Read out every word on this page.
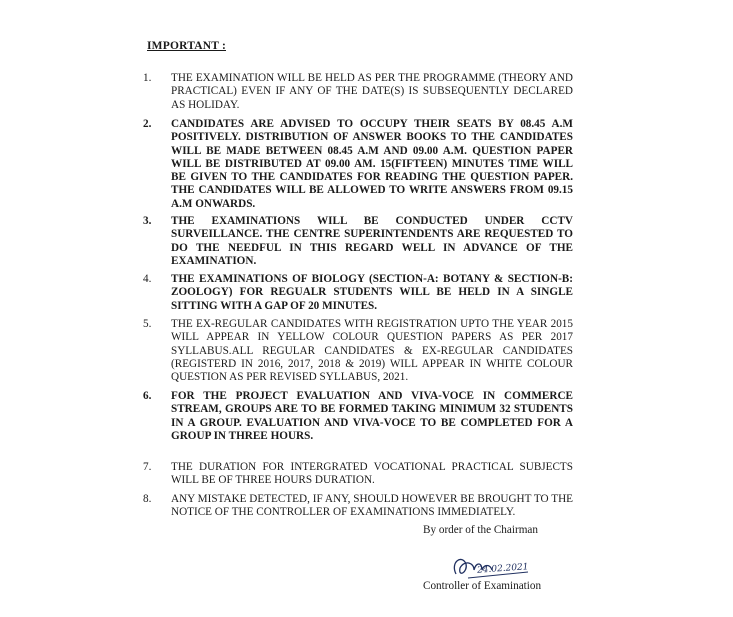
IMPORTANT :
1.	THE EXAMINATION WILL BE HELD AS PER THE PROGRAMME (THEORY AND PRACTICAL) EVEN IF ANY OF THE DATE(S) IS SUBSEQUENTLY DECLARED AS HOLIDAY.
2.	CANDIDATES ARE ADVISED TO OCCUPY THEIR SEATS BY 08.45 A.M POSITIVELY. DISTRIBUTION OF ANSWER BOOKS TO THE CANDIDATES WILL BE MADE BETWEEN 08.45 A.M AND 09.00 A.M. QUESTION PAPER WILL BE DISTRIBUTED AT 09.00 AM. 15(FIFTEEN) MINUTES TIME WILL BE GIVEN TO THE CANDIDATES FOR READING THE QUESTION PAPER. THE CANDIDATES WILL BE ALLOWED TO WRITE ANSWERS FROM 09.15 A.M ONWARDS.
3.	THE EXAMINATIONS WILL BE CONDUCTED UNDER CCTV SURVEILLANCE. THE CENTRE SUPERINTENDENTS ARE REQUESTED TO DO THE NEEDFUL IN THIS REGARD WELL IN ADVANCE OF THE EXAMINATION.
4.	THE EXAMINATIONS OF BIOLOGY (SECTION-A: BOTANY & SECTION-B: ZOOLOGY) FOR REGUALR STUDENTS WILL BE HELD IN A SINGLE SITTING WITH A GAP OF 20 MINUTES.
5.	THE EX-REGULAR CANDIDATES WITH REGISTRATION UPTO THE YEAR 2015 WILL APPEAR IN YELLOW COLOUR QUESTION PAPERS AS PER 2017 SYLLABUS.ALL REGULAR CANDIDATES & EX-REGULAR CANDIDATES (REGISTERD IN 2016, 2017, 2018 & 2019) WILL APPEAR IN WHITE COLOUR QUESTION AS PER REVISED SYLLABUS, 2021.
6.	FOR THE PROJECT EVALUATION AND VIVA-VOCE IN COMMERCE STREAM, GROUPS ARE TO BE FORMED TAKING MINIMUM 32 STUDENTS IN A GROUP. EVALUATION AND VIVA-VOCE TO BE COMPLETED FOR A GROUP IN THREE HOURS.
7.	THE DURATION FOR INTERGRATED VOCATIONAL PRACTICAL SUBJECTS WILL BE OF THREE HOURS DURATION.
8.	ANY MISTAKE DETECTED, IF ANY, SHOULD HOWEVER BE BROUGHT TO THE NOTICE OF THE CONTROLLER OF EXAMINATIONS IMMEDIATELY.
By order of the Chairman
24.02.2021
Controller of Examination
